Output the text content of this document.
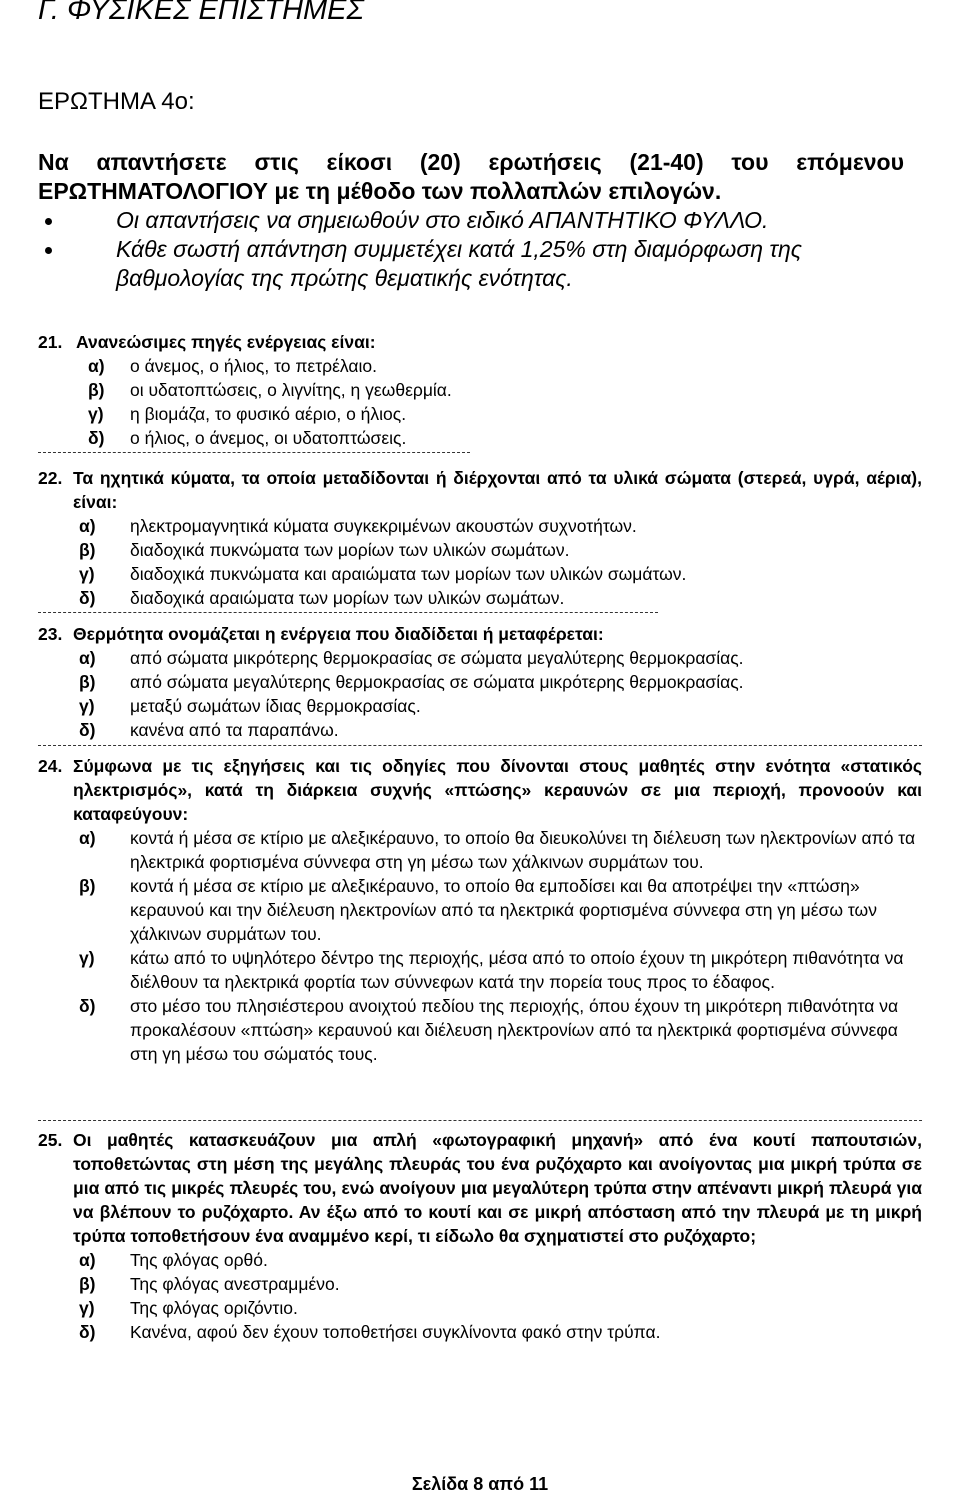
Γ. ΦΥΣΙΚΕΣ ΕΠΙΣΤΗΜΕΣ
ΕΡΩΤΗΜΑ 4ο:

Να απαντήσετε στις είκοσι (20) ερωτήσεις (21-40) του επόμενου ΕΡΩΤΗΜΑΤΟΛΟΓΙΟΥ με τη μέθοδο των πολλαπλών επιλογών.

Οι απαντήσεις να σημειωθούν στο ειδικό ΑΠΑΝΤΗΤΙΚΟ ΦΥΛΛΟ.
Κάθε σωστή απάντηση συμμετέχει κατά 1,25% στη διαμόρφωση της βαθμολογίας της πρώτης θεματικής ενότητας.
21. Ανανεώσιμες πηγές ενέργειας είναι:
α) ο άνεμος, ο ήλιος, το πετρέλαιο.
β) οι υδατοπτώσεις, ο λιγνίτης, η γεωθερμία.
γ) η βιομάζα, το φυσικό αέριο, ο ήλιος.
δ) ο ήλιος, ο άνεμος, οι υδατοπτώσεις.
22. Τα ηχητικά κύματα, τα οποία μεταδίδονται ή διέρχονται από τα υλικά σώματα (στερεά, υγρά, αέρια), είναι:
α) ηλεκτρομαγνητικά κύματα συγκεκριμένων ακουστών συχνοτήτων.
β) διαδοχικά πυκνώματα των μορίων των υλικών σωμάτων.
γ) διαδοχικά πυκνώματα και αραιώματα των μορίων των υλικών σωμάτων.
δ) διαδοχικά αραιώματα των μορίων των υλικών σωμάτων.
23. Θερμότητα ονομάζεται η ενέργεια που διαδίδεται ή μεταφέρεται:
α) από σώματα μικρότερης θερμοκρασίας σε σώματα μεγαλύτερης θερμοκρασίας.
β) από σώματα μεγαλύτερης θερμοκρασίας σε σώματα μικρότερης θερμοκρασίας.
γ) μεταξύ σωμάτων ίδιας θερμοκρασίας.
δ) κανένα από τα παραπάνω.
24. Σύμφωνα με τις εξηγήσεις και τις οδηγίες που δίνονται στους μαθητές στην ενότητα «στατικός ηλεκτρισμός», κατά τη διάρκεια συχνής «πτώσης» κεραυνών σε μια περιοχή, προνοούν και καταφεύγουν:
α) κοντά ή μέσα σε κτίριο με αλεξικέραυνο, το οποίο θα διευκολύνει τη διέλευση των ηλεκτρονίων από τα ηλεκτρικά φορτισμένα σύννεφα στη γη μέσω των χάλκινων συρμάτων του.
β) κοντά ή μέσα σε κτίριο με αλεξικέραυνο, το οποίο θα εμποδίσει και θα αποτρέψει την «πτώση» κεραυνού και την διέλευση ηλεκτρονίων από τα ηλεκτρικά φορτισμένα σύννεφα στη γη μέσω των χάλκινων συρμάτων του.
γ) κάτω από το υψηλότερο δέντρο της περιοχής, μέσα από το οποίο έχουν τη μικρότερη πιθανότητα να διέλθουν τα ηλεκτρικά φορτία των σύννεφων κατά την πορεία τους προς το έδαφος.
δ) στο μέσο του πλησιέστερου ανοιχτού πεδίου της περιοχής, όπου έχουν τη μικρότερη πιθανότητα να προκαλέσουν «πτώση» κεραυνού και διέλευση ηλεκτρονίων από τα ηλεκτρικά φορτισμένα σύννεφα στη γη μέσω του σώματός τους.
25. Οι μαθητές κατασκευάζουν μια απλή «φωτογραφική μηχανή» από ένα κουτί παπουτσιών, τοποθετώντας στη μέση της μεγάλης πλευράς του ένα ρυζόχαρτο και ανοίγοντας μια μικρή τρύπα σε μια από τις μικρές πλευρές του, ενώ ανοίγουν μια μεγαλύτερη τρύπα στην απέναντι μικρή πλευρά για να βλέπουν το ρυζόχαρτο. Αν έξω από το κουτί και σε μικρή απόσταση από την πλευρά με τη μικρή τρύπα τοποθετήσουν ένα αναμμένο κερί, τι είδωλο θα σχηματιστεί στο ρυζόχαρτο;
α) Της φλόγας ορθό.
β) Της φλόγας ανεστραμμένο.
γ) Της φλόγας οριζόντιο.
δ) Κανένα, αφού δεν έχουν τοποθετήσει συγκλίνοντα φακό στην τρύπα.
Σελίδα 8 από 11
